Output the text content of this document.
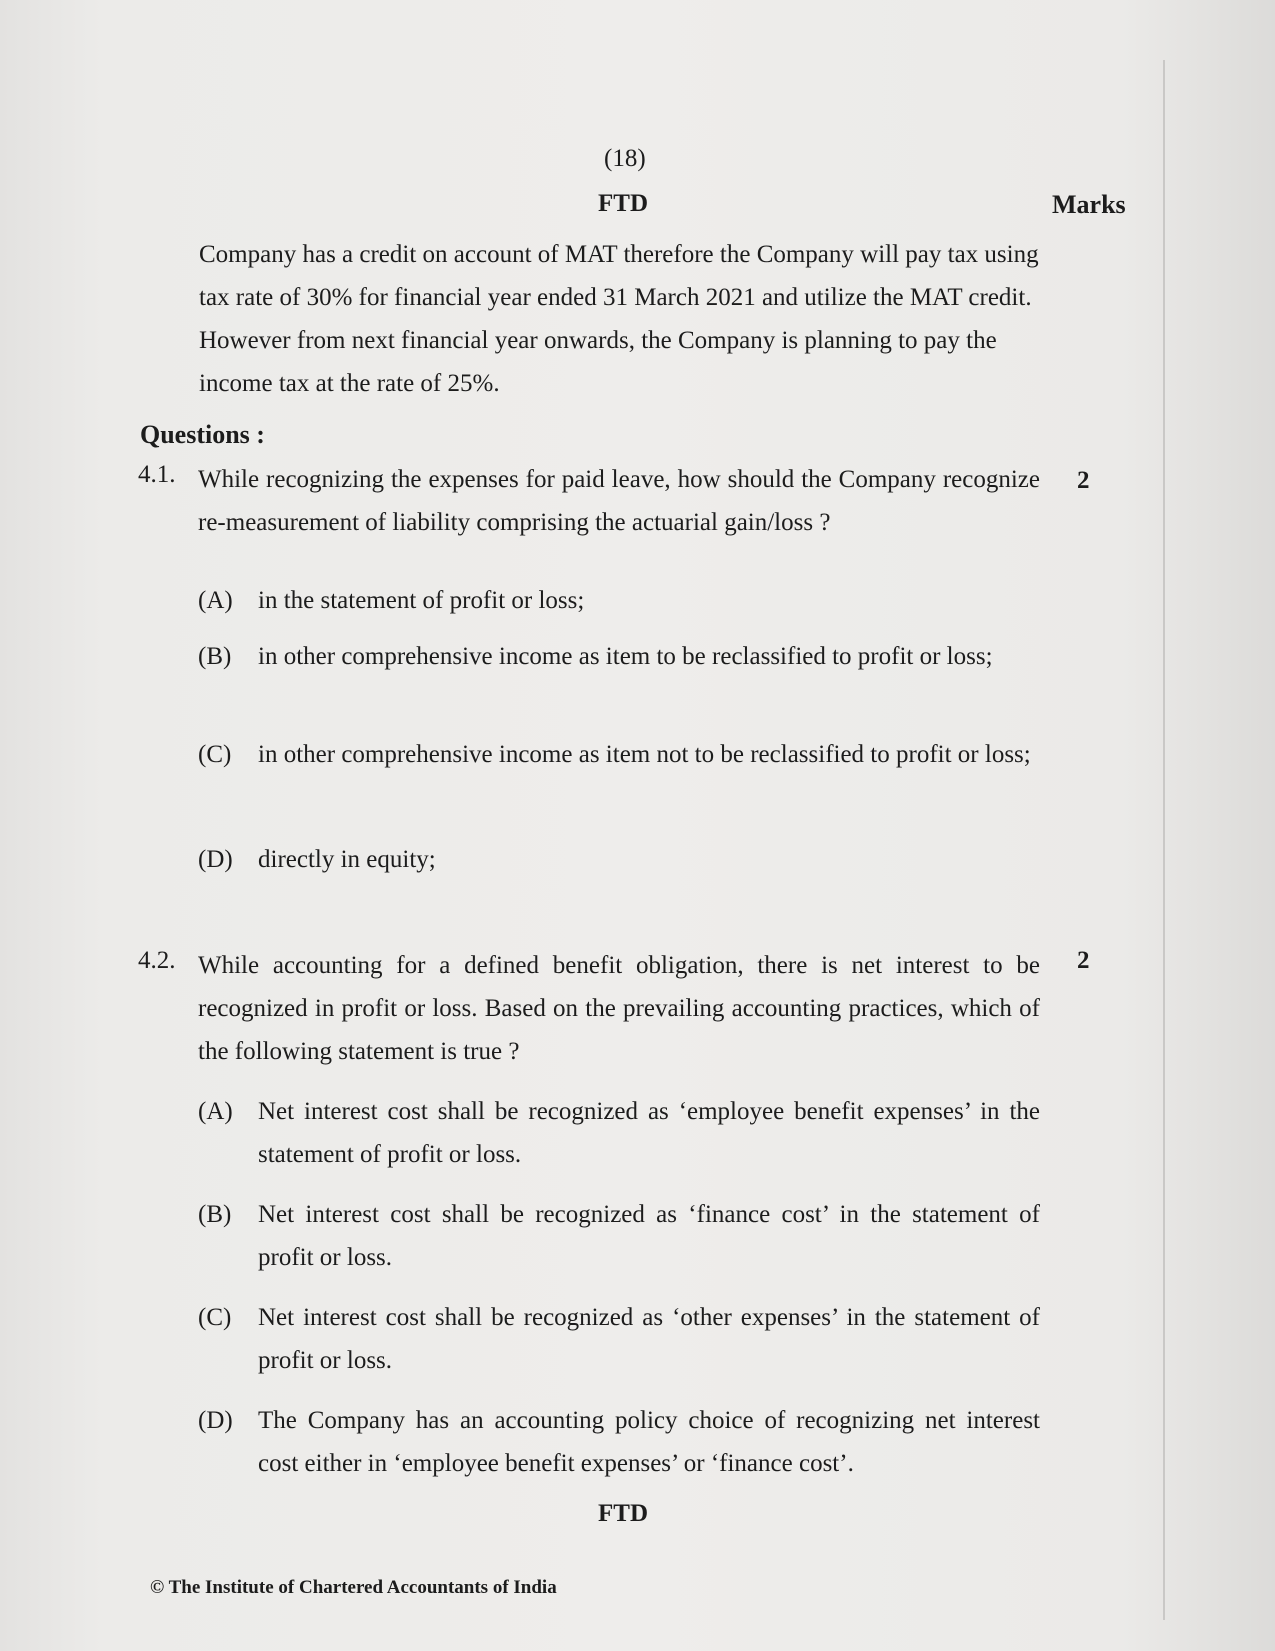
(18)
FTD	Marks
Company has a credit on account of MAT therefore the Company will pay tax using tax rate of 30% for financial year ended 31 March 2021 and utilize the MAT credit. However from next financial year onwards, the Company is planning to pay the income tax at the rate of 25%.
Questions :
4.1. While recognizing the expenses for paid leave, how should the Company recognize re-measurement of liability comprising the actuarial gain/loss ?
2
(A)	in the statement of profit or loss;
(B)	in other comprehensive income as item to be reclassified to profit or loss;
(C)	in other comprehensive income as item not to be reclassified to profit or loss;
(D)	directly in equity;
4.2. While accounting for a defined benefit obligation, there is net interest to be recognized in profit or loss. Based on the prevailing accounting practices, which of the following statement is true ?
2
(A)	Net interest cost shall be recognized as ‘employee benefit expenses’ in the statement of profit or loss.
(B)	Net interest cost shall be recognized as ‘finance cost’ in the statement of profit or loss.
(C)	Net interest cost shall be recognized as ‘other expenses’ in the statement of profit or loss.
(D)	The Company has an accounting policy choice of recognizing net interest cost either in ‘employee benefit expenses’ or ‘finance cost’.
FTD
© The Institute of Chartered Accountants of India
